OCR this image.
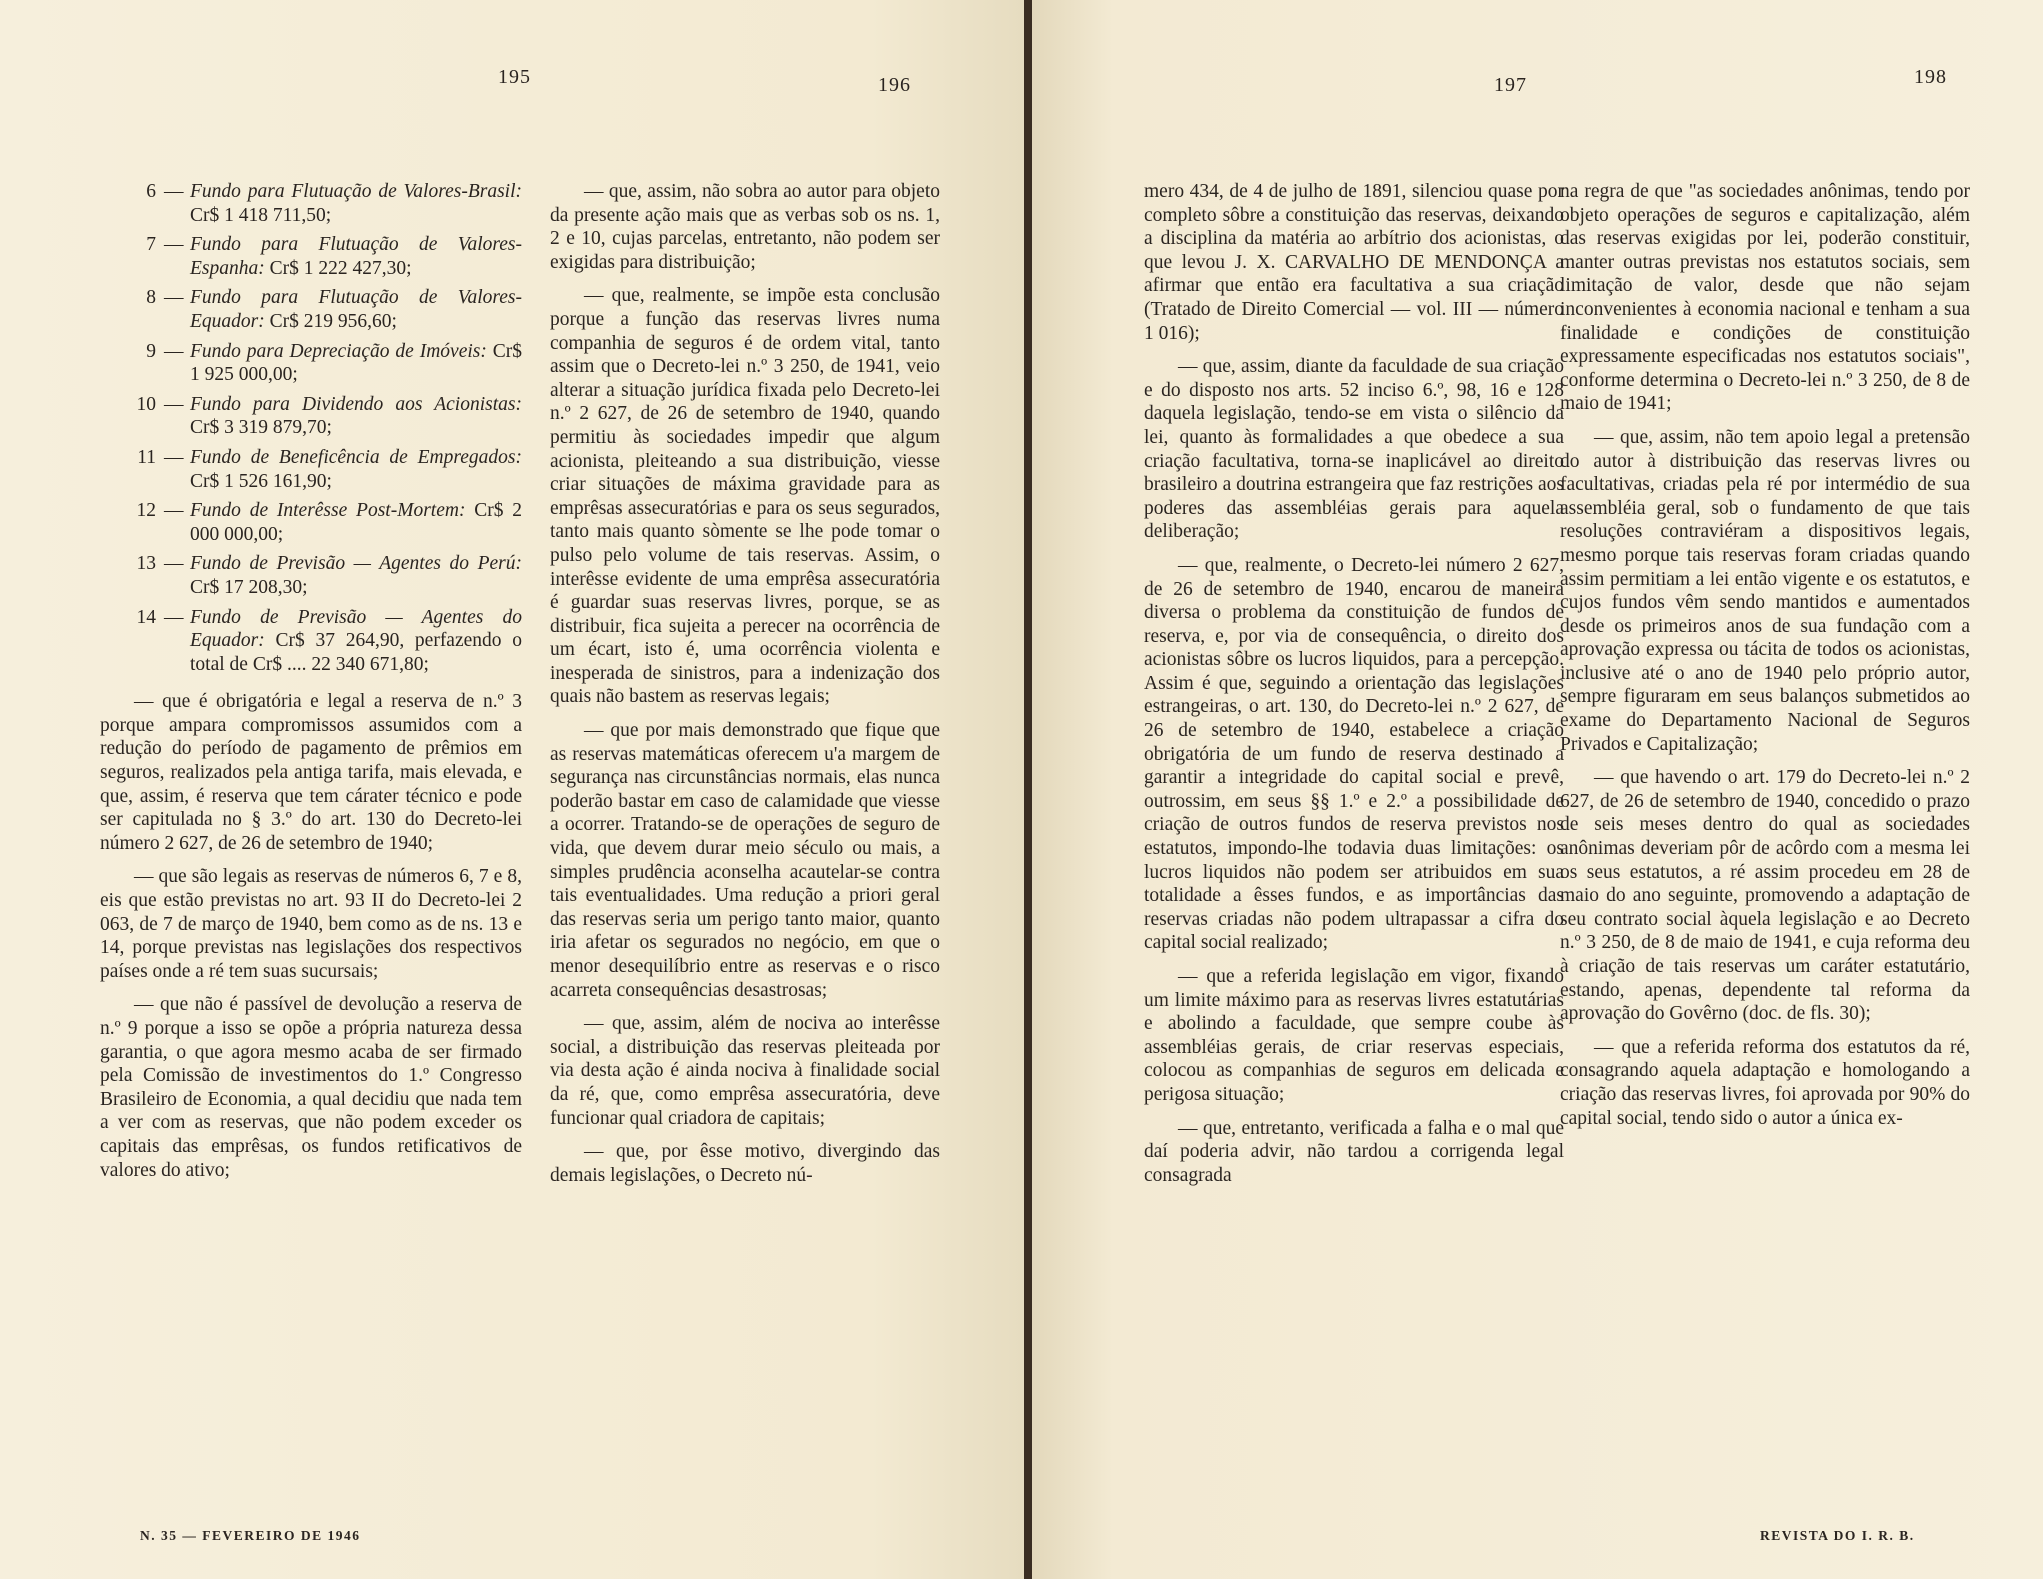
195	196
6 — Fundo para Flutuação de Valores-Brasil: Cr$ 1 418 711,50;
7 — Fundo para Flutuação de Valores-Espanha: Cr$ 1 222 427,30;
8 — Fundo para Flutuação de Valores-Equador: Cr$ 219 956,60;
9 — Fundo para Depreciação de Imóveis: Cr$ 1 925 000,00;
10 — Fundo para Dividendo aos Acionistas: Cr$ 3 319 879,70;
11 — Fundo de Beneficência de Empregados: Cr$ 1 526 161,90;
12 — Fundo de Interêsse Post-Mortem: Cr$ 2 000 000,00;
13 — Fundo de Previsão — Agentes do Perú: Cr$ 17 208,30;
14 — Fundo de Previsão — Agentes do Equador: Cr$ 37 264,90, perfazendo o total de Cr$ .... 22 340 671,80;

— que é obrigatória e legal a reserva de n.º 3 porque ampara compromissos assumidos com a redução do período de pagamento de prêmios em seguros, realizados pela antiga tarifa, mais elevada, e que, assim, é reserva que tem cárater técnico e pode ser capitulada no § 3.º do art. 130 do Decreto-lei número 2 627, de 26 de setembro de 1940;

— que são legais as reservas de números 6, 7 e 8, eis que estão previstas no art. 93 II do Decreto-lei 2 063, de 7 de março de 1940, bem como as de ns. 13 e 14, porque previstas nas legislações dos respectivos países onde a ré tem suas sucursais;

— que não é passível de devolução a reserva de n.º 9 porque a isso se opõe a própria natureza dessa garantia, o que agora mesmo acaba de ser firmado pela Comissão de investimentos do 1.º Congresso Brasileiro de Economia, a qual decidiu que nada tem a ver com as reservas, que não podem exceder os capitais das emprêsas, os fundos retificativos de valores do ativo;

— que, assim, não sobra ao autor para objeto da presente ação mais que as verbas sob os ns. 1, 2 e 10, cujas parcelas, entretanto, não podem ser exigidas para distribuição;

— que, realmente, se impõe esta conclusão porque a função das reservas livres numa companhia de seguros é de ordem vital, tanto assim que o Decreto-lei n.º 3 250, de 1941, veio alterar a situação jurídica fixada pelo Decreto-lei n.º 2 627, de 26 de setembro de 1940, quando permitiu às sociedades impedir que algum acionista, pleiteando a sua distribuição, viesse criar situações de máxima gravidade para as emprêsas assecuratórias e para os seus segurados, tanto mais quanto sòmente se lhe pode tomar o pulso pelo volume de tais reservas. Assim, o interêsse evidente de uma emprêsa assecuratória é guardar suas reservas livres, porque, se as distribuir, fica sujeita a perecer na ocorrência de um écart, isto é, uma ocorrência violenta e inesperada de sinistros, para a indenização dos quais não bastem as reservas legais;

— que por mais demonstrado que fique que as reservas matemáticas oferecem u'a margem de segurança nas circunstâncias normais, elas nunca poderão bastar em caso de calamidade que viesse a ocorrer. Tratando-se de operações de seguro de vida, que devem durar meio século ou mais, a simples prudência aconselha acautelar-se contra tais eventualidades. Uma redução a priori geral das reservas seria um perigo tanto maior, quanto iria afetar os segurados no negócio, em que o menor desequilíbrio entre as reservas e o risco acarreta consequências desastrosas;

— que, assim, além de nociva ao interêsse social, a distribuição das reservas pleiteada por via desta ação é ainda nociva à finalidade social da ré, que, como emprêsa assecuratória, deve funcionar qual criadora de capitais;

— que, por êsse motivo, divergindo das demais legislações, o Decreto nú-

N. 35 — FEVEREIRO DE 1946
197	198

mero 434, de 4 de julho de 1891, silenciou quase por completo sôbre a constituição das reservas, deixando a disciplina da matéria ao arbítrio dos acionistas, o que levou J. X. CARVALHO DE MENDONÇA a afirmar que então era facultativa a sua criação (Tratado de Direito Comercial — vol. III — número 1 016);

— que, assim, diante da faculdade de sua criação e do disposto nos arts. 52 inciso 6.º, 98, 16 e 128 daquela legislação, tendo-se em vista o silêncio da lei, quanto às formalidades a que obedece a sua criação facultativa, torna-se inaplicável ao direito brasileiro a doutrina estrangeira que faz restrições aos poderes das assembléias gerais para aquela deliberação;

— que, realmente, o Decreto-lei número 2 627, de 26 de setembro de 1940, encarou de maneira diversa o problema da constituição de fundos de reserva, e, por via de consequência, o direito dos acionistas sôbre os lucros liquidos, para a percepção. Assim é que, seguindo a orientação das legislações estrangeiras, o art. 130, do Decreto-lei n.º 2 627, de 26 de setembro de 1940, estabelece a criação obrigatória de um fundo de reserva destinado a garantir a integridade do capital social e prevê, outrossim, em seus §§ 1.º e 2.º a possibilidade de criação de outros fundos de reserva previstos nos estatutos, impondo-lhe todavia duas limitações: os lucros liquidos não podem ser atribuidos em sua totalidade a êsses fundos, e as importâncias das reservas criadas não podem ultrapassar a cifra do capital social realizado;

— que a referida legislação em vigor, fixando um limite máximo para as reservas livres estatutárias e abolindo a faculdade, que sempre coube às assembléias gerais, de criar reservas especiais, colocou as companhias de seguros em delicada e perigosa situação;

— que, entretanto, verificada a falha e o mal que daí poderia advir, não tardou a corrigenda legal consagrada

na regra de que "as sociedades anônimas, tendo por objeto operações de seguros e capitalização, além das reservas exigidas por lei, poderão constituir, manter outras previstas nos estatutos sociais, sem limitação de valor, desde que não sejam inconvenientes à economia nacional e tenham a sua finalidade e condições de constituição expressamente especificadas nos estatutos sociais", conforme determina o Decreto-lei n.º 3 250, de 8 de maio de 1941;

— que, assim, não tem apoio legal a pretensão do autor à distribuição das reservas livres ou facultativas, criadas pela ré por intermédio de sua assembléia geral, sob o fundamento de que tais resoluções contraviéram a dispositivos legais, mesmo porque tais reservas foram criadas quando assim permitiam a lei então vigente e os estatutos, e cujos fundos vêm sendo mantidos e aumentados desde os primeiros anos de sua fundação com a aprovação expressa ou tácita de todos os acionistas, inclusive até o ano de 1940 pelo próprio autor, sempre figuraram em seus balanços submetidos ao exame do Departamento Nacional de Seguros Privados e Capitalização;

— que havendo o art. 179 do Decreto-lei n.º 2 627, de 26 de setembro de 1940, concedido o prazo de seis meses dentro do qual as sociedades anônimas deveriam pôr de acôrdo com a mesma lei os seus estatutos, a ré assim procedeu em 28 de maio do ano seguinte, promovendo a adaptação de seu contrato social àquela legislação e ao Decreto n.º 3 250, de 8 de maio de 1941, e cuja reforma deu à criação de tais reservas um caráter estatutário, estando, apenas, dependente tal reforma da aprovação do Govêrno (doc. de fls. 30);

— que a referida reforma dos estatutos da ré, consagrando aquela adaptação e homologando a criação das reservas livres, foi aprovada por 90% do capital social, tendo sido o autor a única ex-

REVISTA DO I. R. B.
